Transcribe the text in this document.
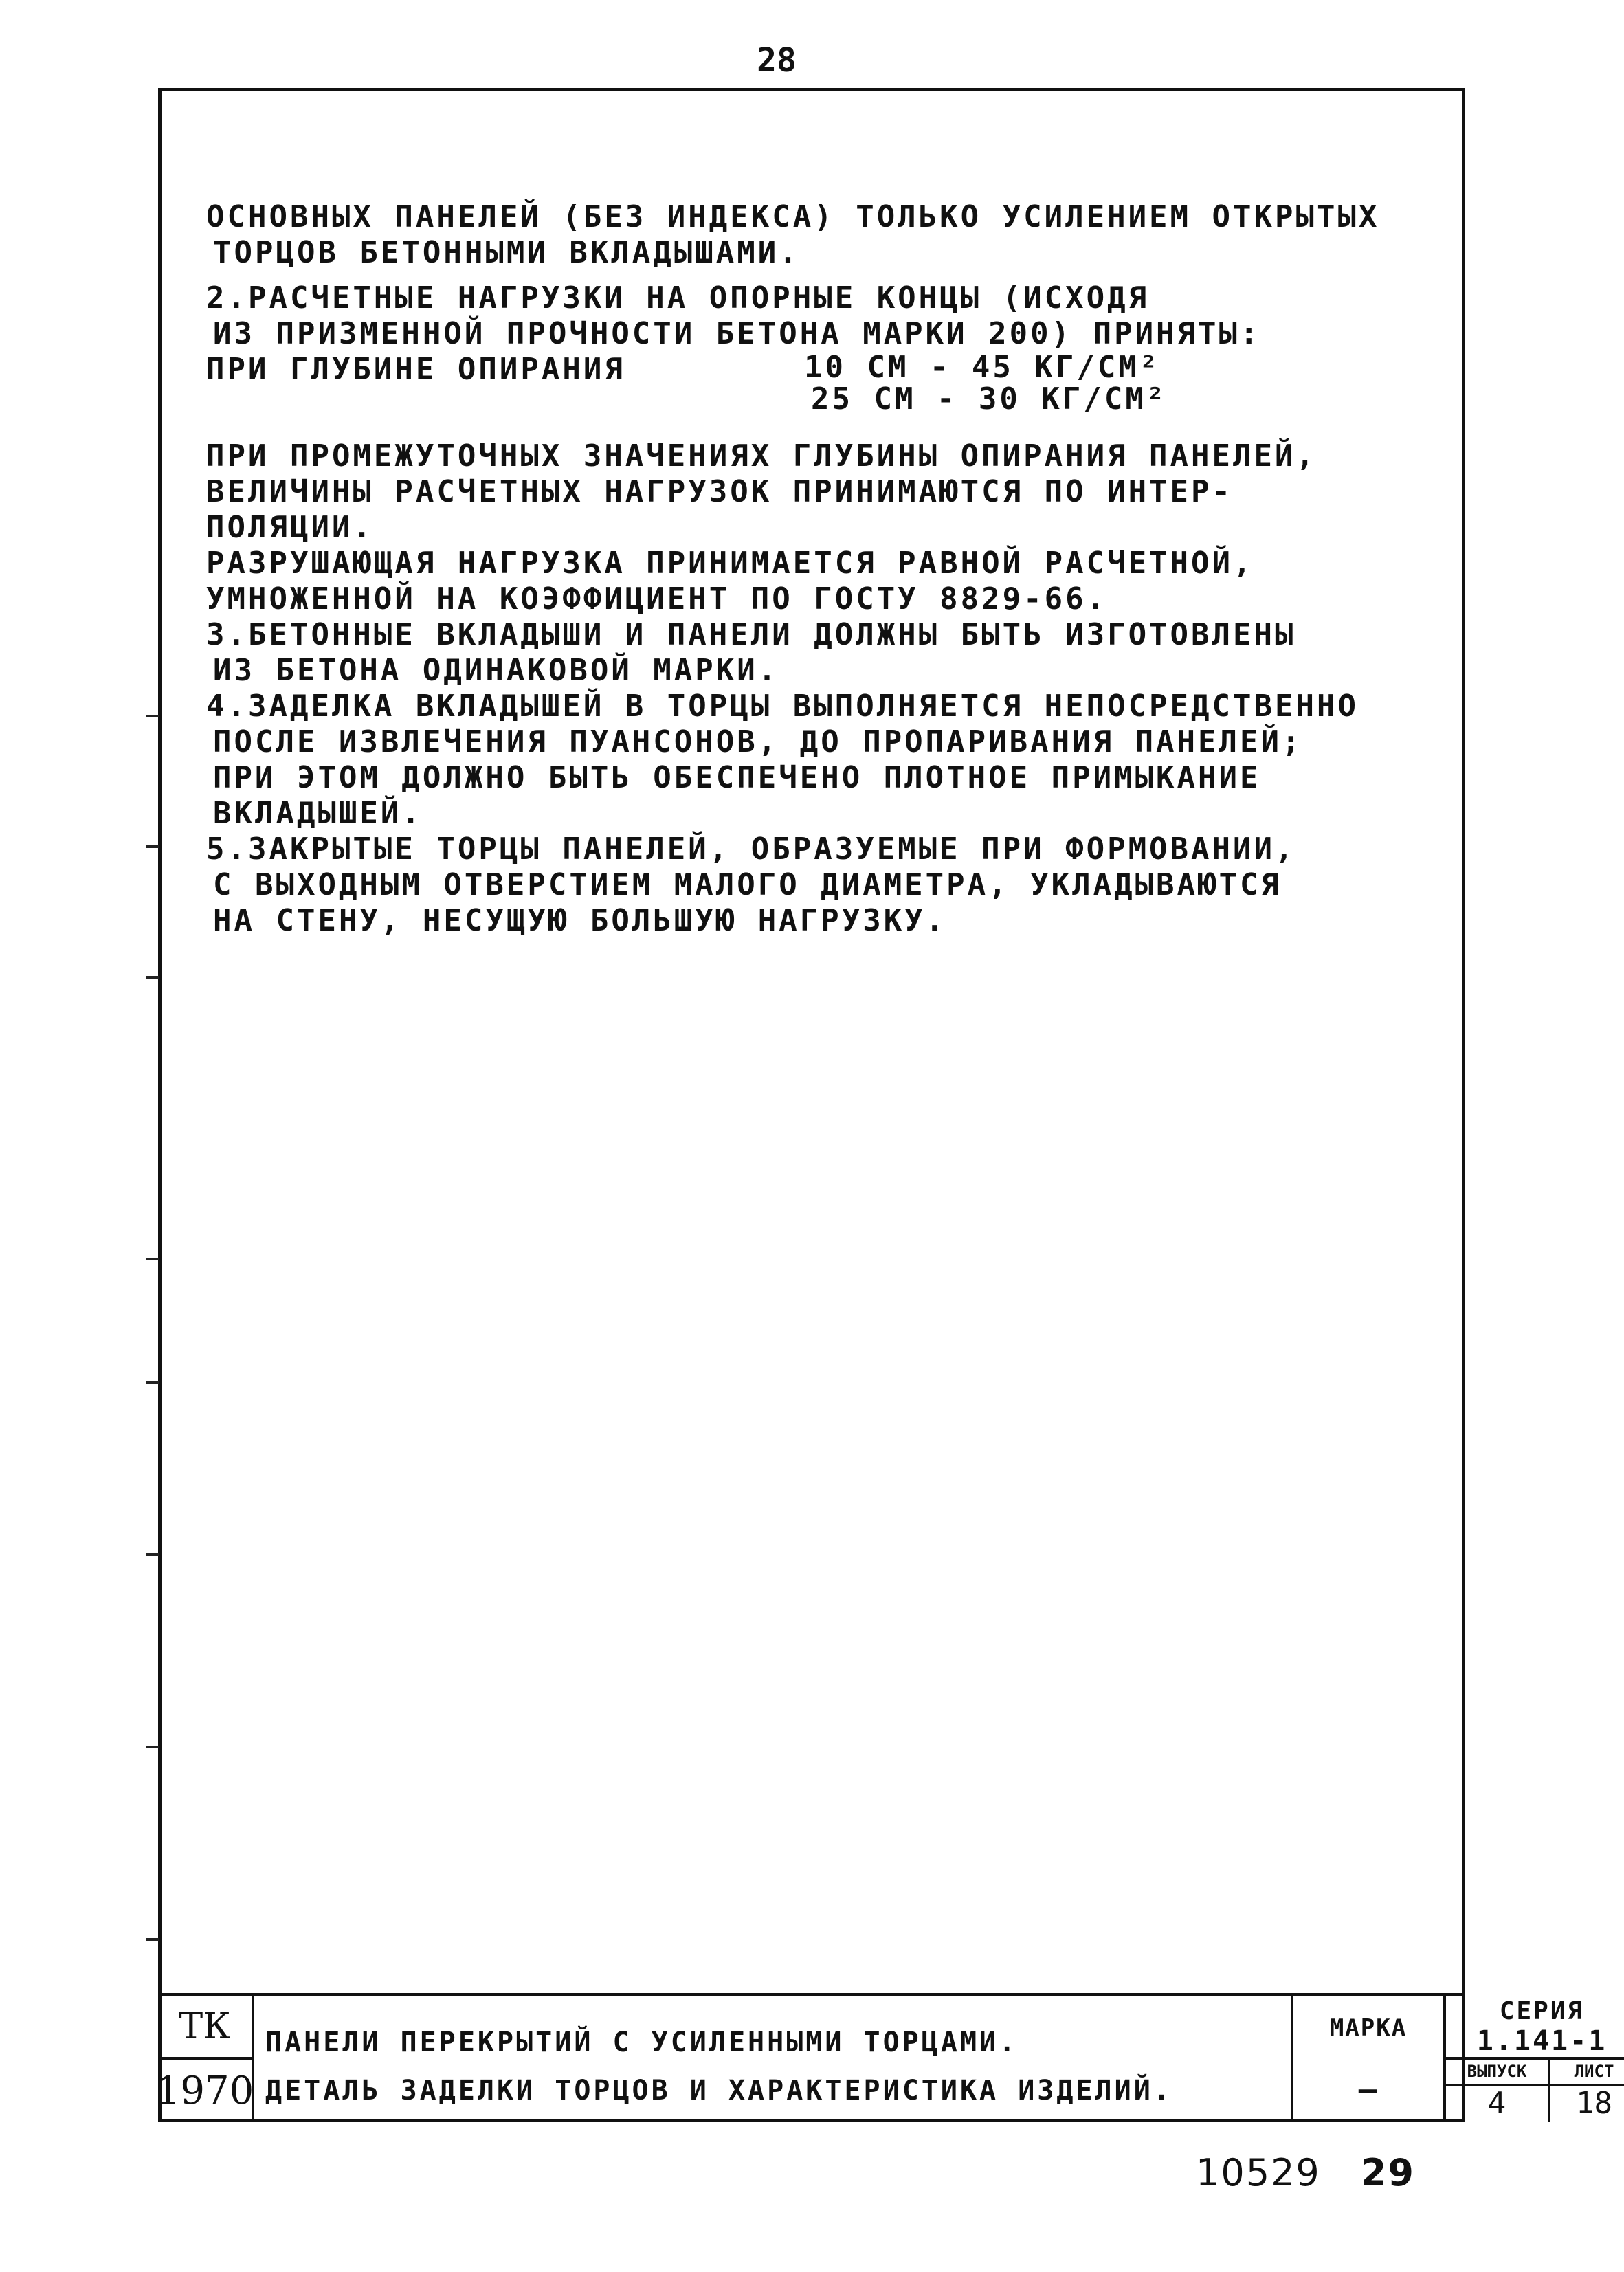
28
ОСНОВНЫХ ПАНЕЛЕЙ (БЕЗ ИНДЕКСА) ТОЛЬКО УСИЛЕНИЕМ ОТКРЫТЫХ
ТОРЦОВ БЕТОННЫМИ ВКЛАДЫШАМИ.
2.РАСЧЕТНЫЕ НАГРУЗКИ НА ОПОРНЫЕ КОНЦЫ (ИСХОДЯ
ИЗ ПРИЗМЕННОЙ ПРОЧНОСТИ БЕТОНА МАРКИ 200) ПРИНЯТЫ:
ПРИ ГЛУБИНЕ ОПИРАНИЯ	10 СМ - 45 КГ/СМ²
25 СМ - 30 КГ/СМ²
ПРИ ПРОМЕЖУТОЧНЫХ ЗНАЧЕНИЯХ ГЛУБИНЫ ОПИРАНИЯ ПАНЕЛЕЙ,
ВЕЛИЧИНЫ РАСЧЕТНЫХ НАГРУЗОК ПРИНИМАЮТСЯ ПО ИНТЕР-
ПОЛЯЦИИ.
РАЗРУШАЮЩАЯ НАГРУЗКА ПРИНИМАЕТСЯ РАВНОЙ РАСЧЕТНОЙ,
УМНОЖЕННОЙ НА КОЭФФИЦИЕНТ ПО ГОСТУ 8829-66.
3.БЕТОННЫЕ ВКЛАДЫШИ И ПАНЕЛИ ДОЛЖНЫ БЫТЬ ИЗГОТОВЛЕНЫ
ИЗ БЕТОНА ОДИНАКОВОЙ МАРКИ.
4.ЗАДЕЛКА ВКЛАДЫШЕЙ В ТОРЦЫ ВЫПОЛНЯЕТСЯ НЕПОСРЕДСТВЕННО
ПОСЛЕ ИЗВЛЕЧЕНИЯ ПУАНСОНОВ, ДО ПРОПАРИВАНИЯ ПАНЕЛЕЙ;
ПРИ ЭТОМ ДОЛЖНО БЫТЬ ОБЕСПЕЧЕНО ПЛОТНОЕ ПРИМЫКАНИЕ
ВКЛАДЫШЕЙ.
5.ЗАКРЫТЫЕ ТОРЦЫ ПАНЕЛЕЙ, ОБРАЗУЕМЫЕ ПРИ ФОРМОВАНИИ,
С ВЫХОДНЫМ ОТВЕРСТИЕМ МАЛОГО ДИАМЕТРА, УКЛАДЫВАЮТСЯ
НА СТЕНУ, НЕСУЩУЮ БОЛЬШУЮ НАГРУЗКУ.
ТК
1970
ПАНЕЛИ ПЕРЕКРЫТИЙ С УСИЛЕННЫМИ ТОРЦАМИ.
ДЕТАЛЬ ЗАДЕЛКИ ТОРЦОВ И ХАРАКТЕРИСТИКА ИЗДЕЛИЙ.
МАРКА
—
СЕРИЯ
1.141-1
ВЫПУСК
4
ЛИСТ
18
10529 29
